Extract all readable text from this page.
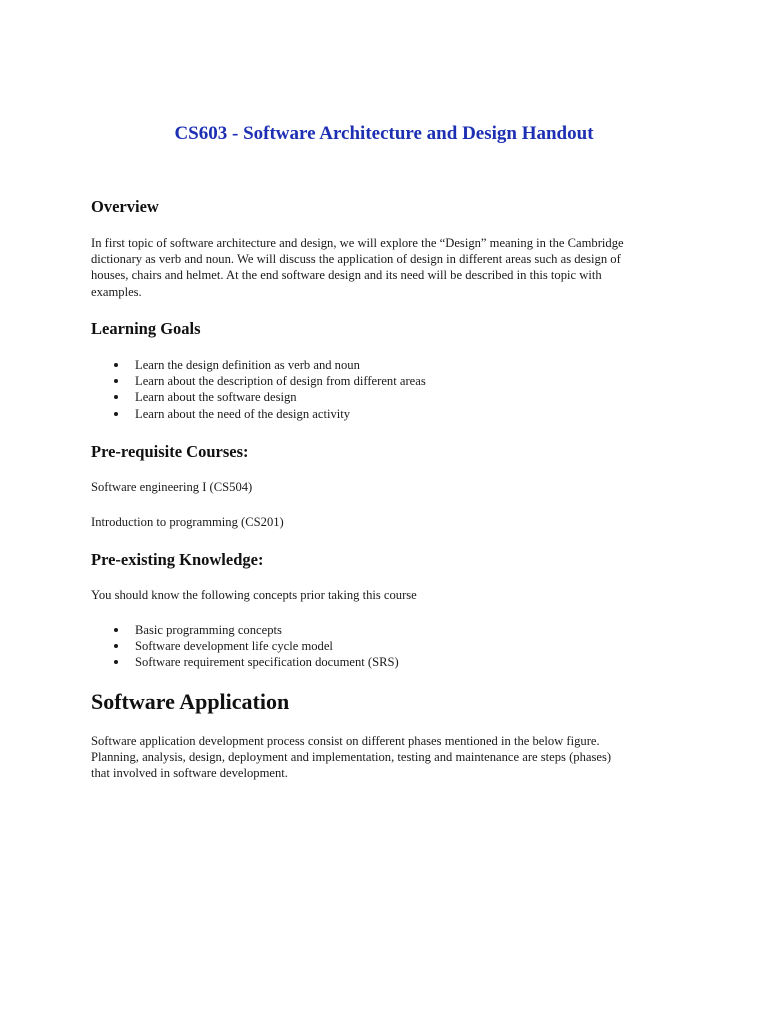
CS603 - Software Architecture and Design Handout
Overview
In first topic of software architecture and design, we will explore the “Design” meaning in the Cambridge
dictionary as verb and noun. We will discuss the application of design in different areas such as design of
houses, chairs and helmet. At the end software design and its need will be described in this topic with
examples.
Learning Goals
Learn the design definition as verb and noun
Learn about the description of design from different areas
Learn about the software design
Learn about the need of the design activity
Pre-requisite Courses:

Software engineering I (CS504)

Introduction to programming (CS201)

Pre-existing Knowledge:

You should know the following concepts prior taking this course

Basic programming concepts
Software development life cycle model
Software requirement specification document (SRS)
Software Application
Software application development process consist on different phases mentioned in the below figure.
Planning, analysis, design, deployment and implementation, testing and maintenance are steps (phases)
that involved in software development.
